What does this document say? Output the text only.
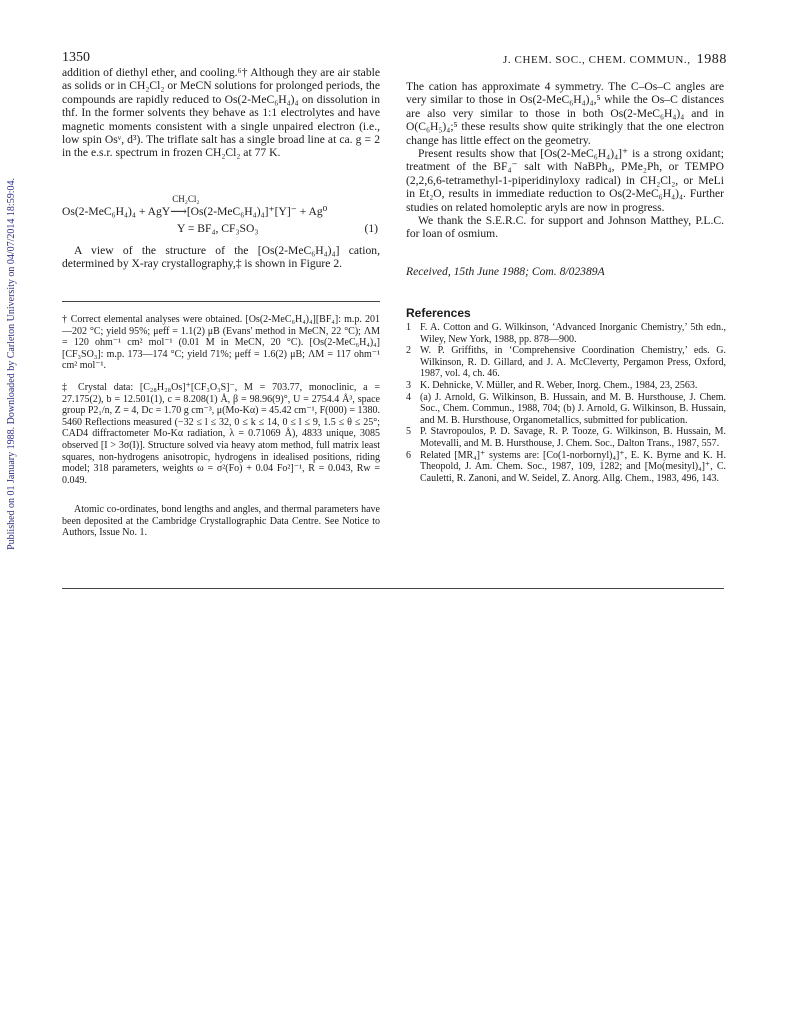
Published on 01 January 1988. Downloaded by Carleton University on 04/07/2014 18:59:04.
1350	J. CHEM. SOC., CHEM. COMMUN., 1988

addition of diethyl ether, and cooling.⁶† Although they are air stable as solids or in CH₂Cl₂ or MeCN solutions for prolonged periods, the compounds are rapidly reduced to Os(2-MeC₆H₄)₄ on dissolution in thf. In the former solvents they behave as 1:1 electrolytes and have magnetic moments consistent with a single unpaired electron (i.e., low spin Osᵛ, d³). The triflate salt has a single broad line at ca. g = 2 in the e.s.r. spectrum in frozen CH₂Cl₂ at 77 K.

Os(2-MeC₆H₄)₄ + AgY
CH₂Cl₂
⟶[Os(2-MeC₆H₄)₄]⁺[Y]⁻ + Ag⁰
Y = BF₄, CF₃SO₃	(1)

A view of the structure of the [Os(2-MeC₆H₄)₄] cation, determined by X-ray crystallography,‡ is shown in Figure 2.

† Correct elemental analyses were obtained. [Os(2-MeC₆H₄)₄][BF₄]: m.p. 201—202 °C; yield 95%; μeff = 1.1(2) μB (Evans' method in MeCN, 22 °C); ΛM = 120 ohm⁻¹ cm² mol⁻¹ (0.01 M in MeCN, 20 °C). [Os(2-MeC₆H₄)₄][CF₃SO₃]: m.p. 173—174 °C; yield 71%; μeff = 1.6(2) μB; ΛM = 117 ohm⁻¹ cm² mol⁻¹.
‡ Crystal data: [C₂₈H₂₈Os]⁺[CF₃O₃S]⁻, M = 703.77, monoclinic, a = 27.175(2), b = 12.501(1), c = 8.208(1) Å, β = 98.96(9)°, U = 2754.4 Å³, space group P2₁/n, Z = 4, Dc = 1.70 g cm⁻³, μ(Mo-Kα) = 45.42 cm⁻¹, F(000) = 1380. 5460 Reflections measured (−32 ≤ l ≤ 32, 0 ≤ k ≤ 14, 0 ≤ l ≤ 9, 1.5 ≤ θ ≤ 25°; CAD4 diffractometer Mo-Kα radiation, λ = 0.71069 Å), 4833 unique, 3085 observed [I > 3σ(I)]. Structure solved via heavy atom method, full matrix least squares, non-hydrogens anisotropic, hydrogens in idealised positions, riding model; 318 parameters, weights ω = σ²(Fo) + 0.04 Fo²]⁻¹, R = 0.043, Rw = 0.049.
Atomic co-ordinates, bond lengths and angles, and thermal parameters have been deposited at the Cambridge Crystallographic Data Centre. See Notice to Authors, Issue No. 1.

The cation has approximate 4 symmetry. The C–Os–C angles are very similar to those in Os(2-MeC₆H₄)₄,⁵ while the Os–C distances are also very similar to those in both Os(2-MeC₆H₄)₄ and in O(C₆H₅)₄;⁵ these results show quite strikingly that the one electron change has little effect on the geometry.

Present results show that [Os(2-MeC₆H₄)₄]⁺ is a strong oxidant; treatment of the BF₄⁻ salt with NaBPh₄, PMe₂Ph, or TEMPO (2,2,6,6-tetramethyl-1-piperidinyloxy radical) in CH₂Cl₂, or MeLi in Et₂O, results in immediate reduction to Os(2-MeC₆H₄)₄. Further studies on related homoleptic aryls are now in progress.

We thank the S.E.R.C. for support and Johnson Matthey, P.L.C. for loan of osmium.

Received, 15th June 1988; Com. 8/02389A
References
1 F. A. Cotton and G. Wilkinson, ‘Advanced Inorganic Chemistry,’ 5th edn., Wiley, New York, 1988, pp. 878—900.
2 W. P. Griffiths, in ‘Comprehensive Coordination Chemistry,’ eds. G. Wilkinson, R. D. Gillard, and J. A. McCleverty, Pergamon Press, Oxford, 1987, vol. 4, ch. 46.
3 K. Dehnicke, V. Müller, and R. Weber, Inorg. Chem., 1984, 23, 2563.
4 (a) J. Arnold, G. Wilkinson, B. Hussain, and M. B. Hursthouse, J. Chem. Soc., Chem. Commun., 1988, 704; (b) J. Arnold, G. Wilkinson, B. Hussain, and M. B. Hursthouse, Organometallics, submitted for publication.
5 P. Stavropoulos, P. D. Savage, R. P. Tooze, G. Wilkinson, B. Hussain, M. Motevalli, and M. B. Hursthouse, J. Chem. Soc., Dalton Trans., 1987, 557.
6 Related [MR₄]⁺ systems are: [Co(1-norbornyl)₄]⁺, E. K. Byrne and K. H. Theopold, J. Am. Chem. Soc., 1987, 109, 1282; and [Mo(mesityl)₄]⁺, C. Cauletti, R. Zanoni, and W. Seidel, Z. Anorg. Allg. Chem., 1983, 496, 143.
